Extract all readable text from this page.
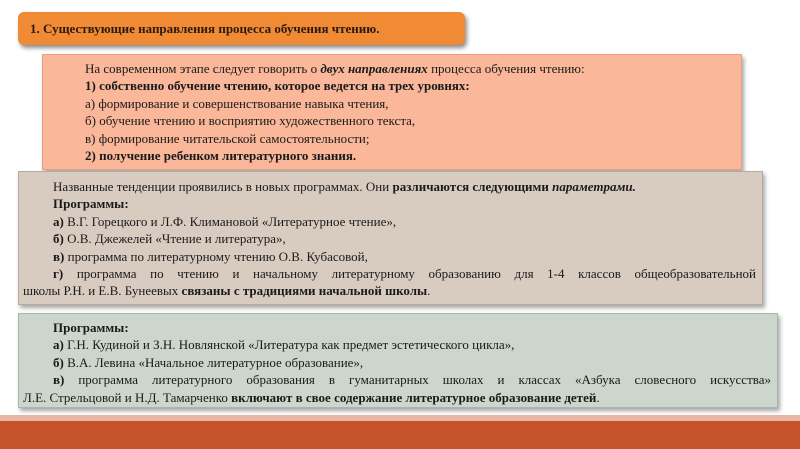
1. Существующие направления процесса обучения чтению.
На современном этапе следует говорить о двух направлениях процесса обучения чтению:
1) собственно обучение чтению, которое ведется на трех уровнях:
а) формирование и совершенствование навыка чтения,
б) обучение чтению и восприятию художественного текста,
в) формирование читательской самостоятельности;
2) получение ребенком литературного знания.
Названные тенденции проявились в новых программах. Они различаются следующими параметрами.
Программы:
а) В.Г. Горецкого и Л.Ф. Климановой «Литературное чтение»,
б) О.В. Джежелей «Чтение и литература»,
в) программа по литературному чтению О.В. Кубасовой,
г) программа по чтению и начальному литературному образованию для 1-4 классов общеобразовательной
школы Р.Н. и Е.В. Бунеевых связаны с традициями начальной школы.
Программы:
а) Г.Н. Кудиной и З.Н. Новлянской «Литература как предмет эстетического цикла»,
б) В.А. Левина «Начальное литературное образование»,
в) программа литературного образования в гуманитарных школах и классах «Азбука словесного искусства»
Л.Е. Стрельцовой и Н.Д. Тамарченко включают в свое содержание литературное образование детей.
